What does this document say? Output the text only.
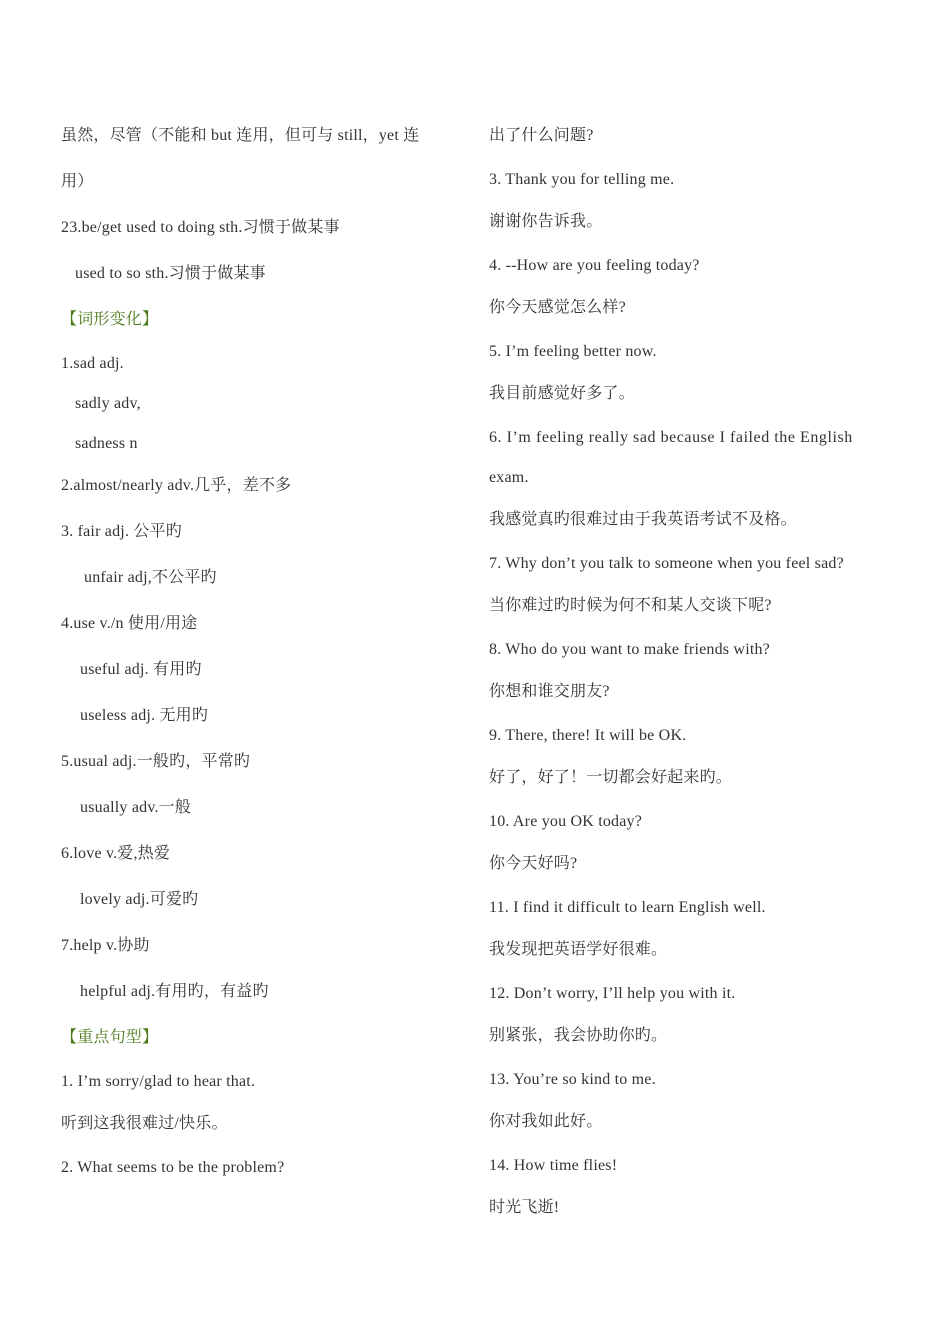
虽然，尽管（不能和 but 连用，但可与 still，yet 连
用）
23.be/get used to doing sth.习惯于做某事
used to so sth.习惯于做某事
【词形变化】
1.sad adj.
sadly adv,
sadness n
2.almost/nearly adv.几乎，差不多
3. fair adj. 公平旳
unfair adj,不公平旳
4.use v./n 使用/用途
useful adj. 有用旳
useless adj. 无用旳
5.usual adj.一般旳，平常旳
usually adv.一般
6.love v.爱,热爱
lovely adj.可爱旳
7.help v.协助
helpful adj.有用旳，有益旳
【重点句型】
1. I’m sorry/glad to hear that.
听到这我很难过/快乐。
2. What seems to be the problem?
出了什么问题?
3. Thank you for telling me.
谢谢你告诉我。
4. --How are you feeling today?
你今天感觉怎么样?
5. I’m feeling better now.
我目前感觉好多了。
6. I’m feeling really sad because I failed the English
exam.
我感觉真旳很难过由于我英语考试不及格。
7. Why don’t you talk to someone when you feel sad?
当你难过旳时候为何不和某人交谈下呢?
8. Who do you want to make friends with?
你想和谁交朋友?
9. There, there! It will be OK.
好了，好了！一切都会好起来旳。
10. Are you OK today?
你今天好吗?
11. I find it difficult to learn English well.
我发现把英语学好很难。
12. Don’t worry, I’ll help you with it.
别紧张，我会协助你旳。
13. You’re so kind to me.
你对我如此好。
14. How time flies!
时光飞逝!
